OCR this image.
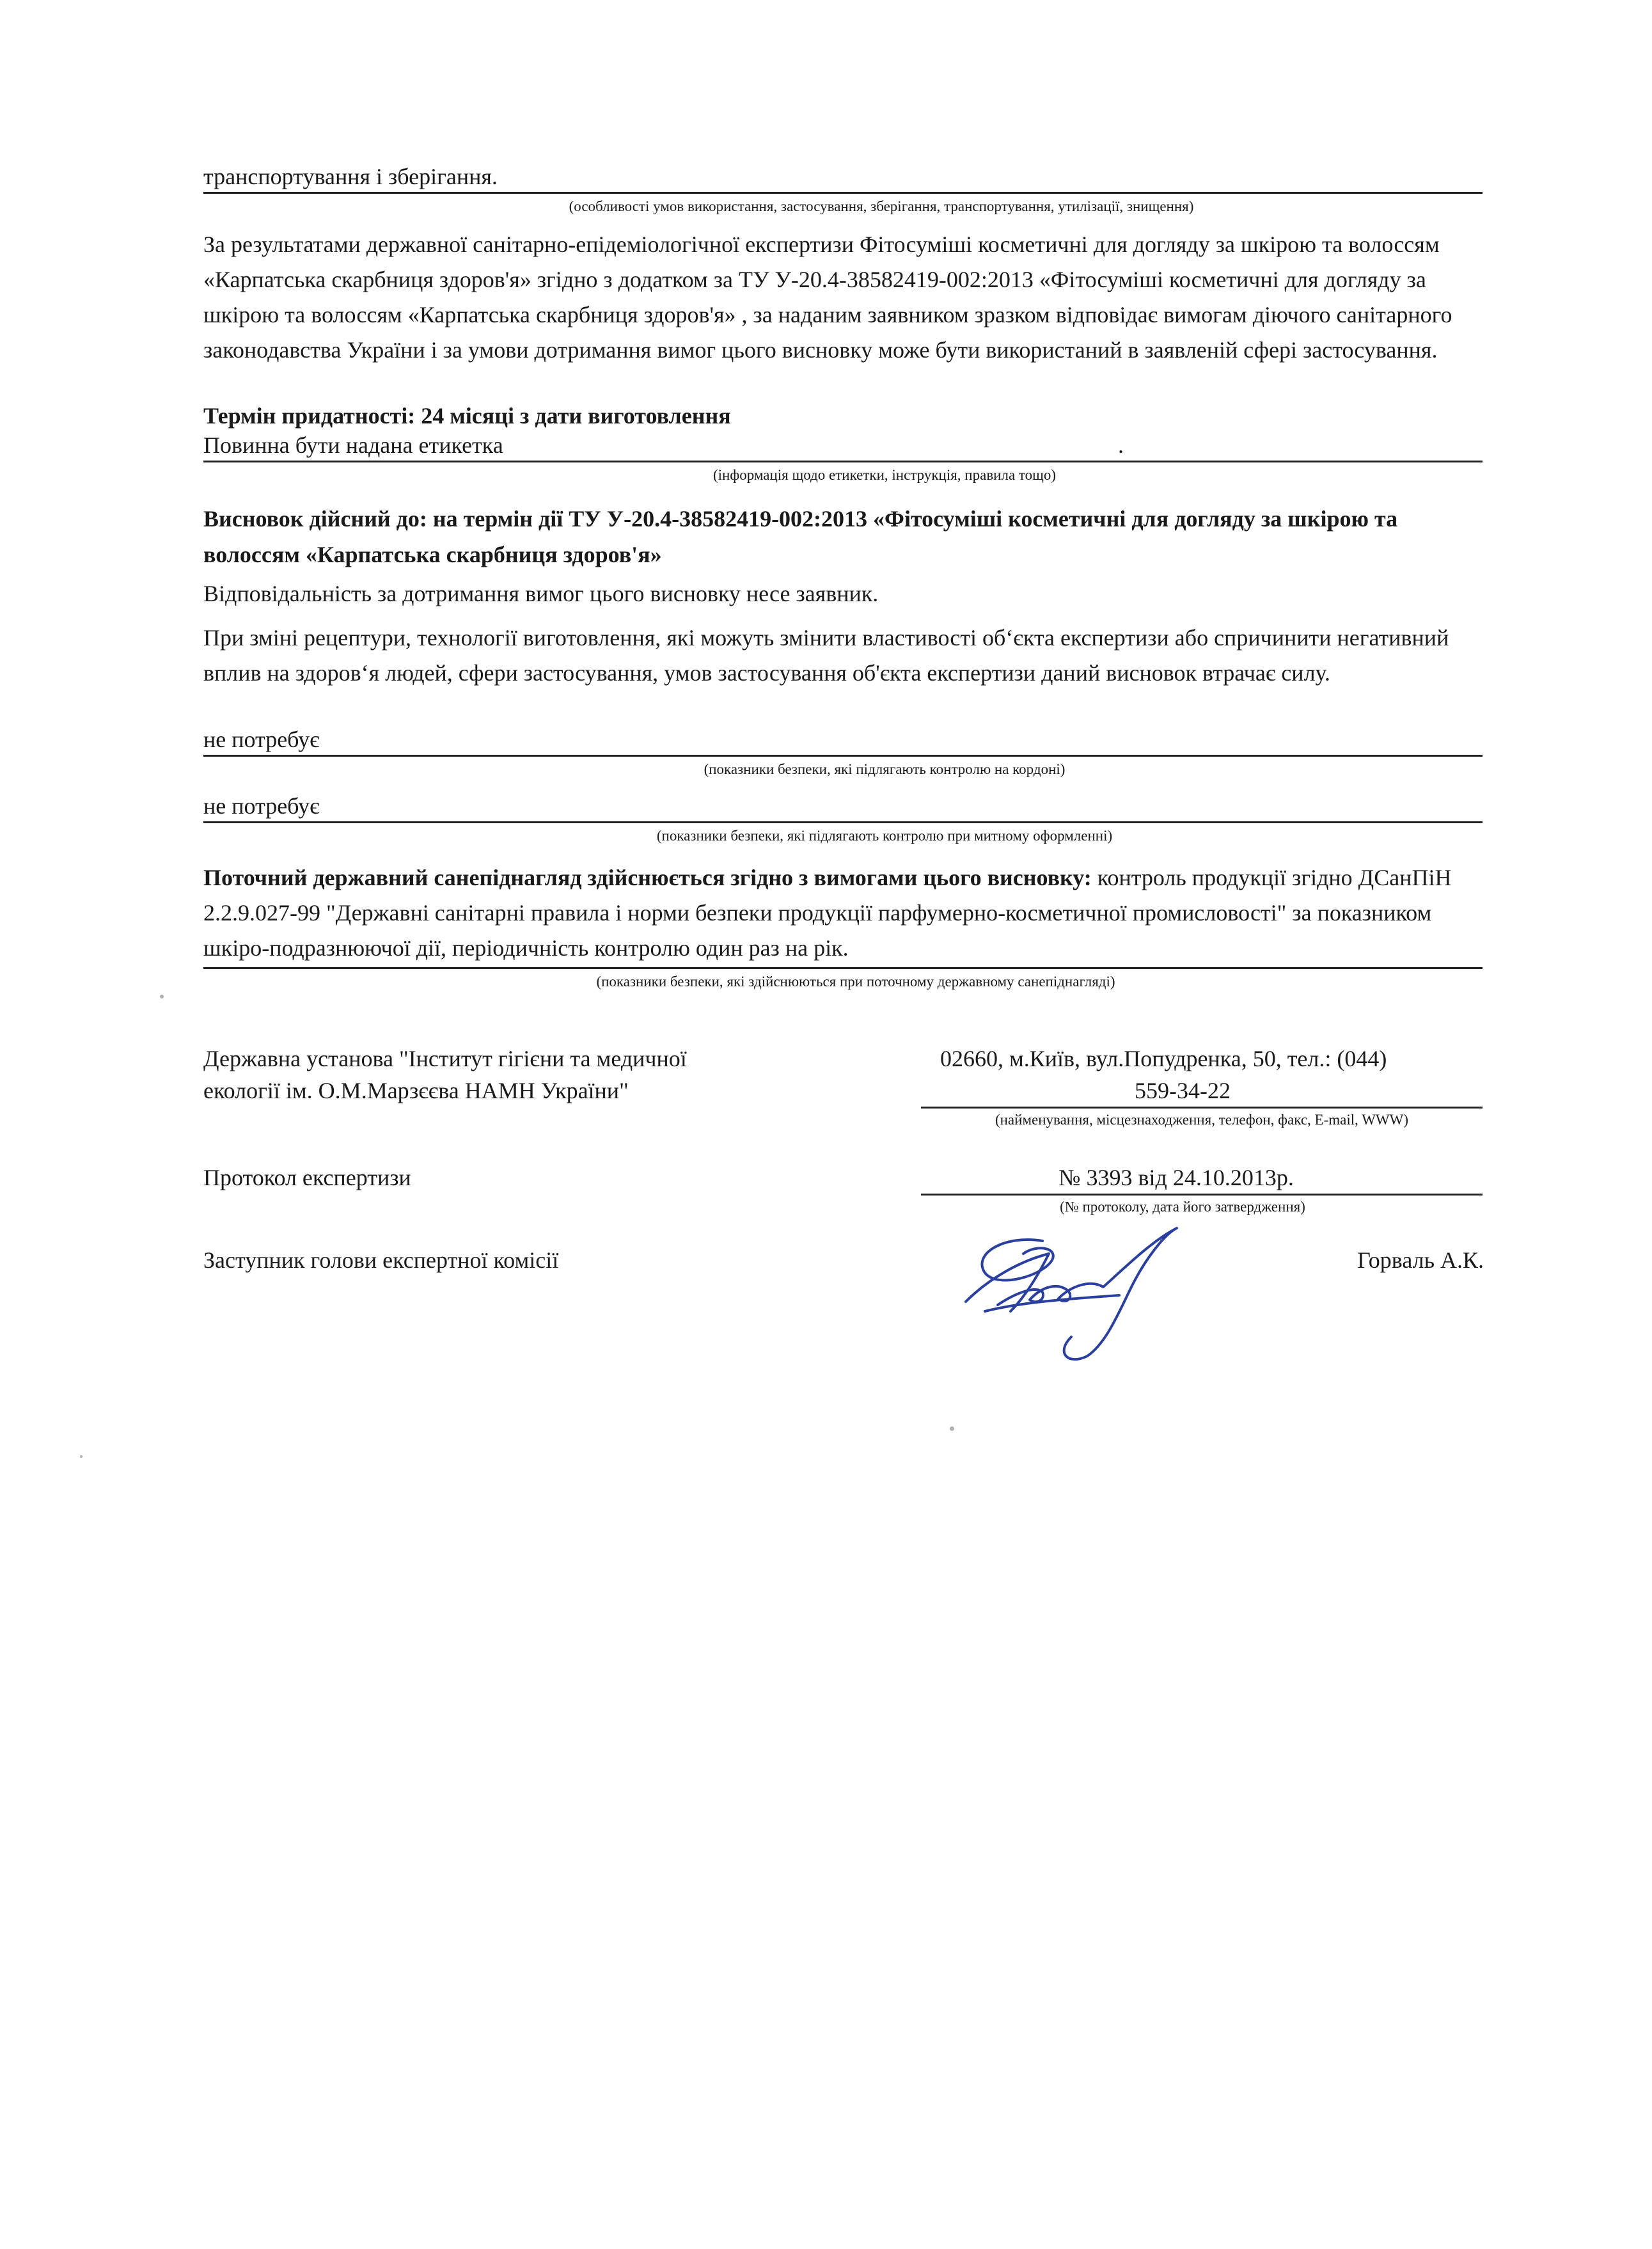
транспортування і зберігання.
(особливості умов використання, застосування, зберігання, транспортування, утилізації, знищення)

За результатами державної санітарно-епідеміологічної експертизи Фітосуміші косметичні для догляду за шкірою та волоссям «Карпатська скарбниця здоров'я» згідно з додатком за ТУ У-20.4-38582419-002:2013 «Фітосуміші косметичні для догляду за шкірою та волоссям «Карпатська скарбниця здоров'я» , за наданим заявником зразком відповідає вимогам діючого санітарного законодавства України і за умови дотримання вимог цього висновку може бути використаний в заявленій сфері застосування.

Термін придатності: 24 місяці з дати виготовлення

Повинна бути надана етикетка	.
(інформація щодо етикетки, інструкція, правила тощо)

Висновок дійсний до: на термін дії ТУ У-20.4-38582419-002:2013 «Фітосуміші косметичні для догляду за шкірою та волоссям «Карпатська скарбниця здоров'я»

Відповідальність за дотримання вимог цього висновку несе заявник.

При зміні рецептури, технології виготовлення, які можуть змінити властивості об‘єкта експертизи або спричинити негативний вплив на здоров‘я людей, сфери застосування, умов застосування об'єкта експертизи даний висновок втрачає силу.

не потребує
(показники безпеки, які підлягають контролю на кордоні)
не потребує
(показники безпеки, які підлягають контролю при митному оформленні)

Поточний державний санепіднагляд здійснюється згідно з вимогами цього висновку: контроль продукції згідно ДСанПіН 2.2.9.027-99 "Державні санітарні правила і норми безпеки продукції парфумерно-косметичної промисловості" за показником шкіро-подразнюючої дії, періодичність контролю один раз на рік.

(показники безпеки, які здійснюються при поточному державному санепіднагляді)
Державна установа "Інститут гігієни та медичної
екології ім. О.М.Марзєєва НАМН України"
02660, м.Київ, вул.Попудренка, 50, тел.: (044)
559-34-22
(найменування, місцезнаходження, телефон, факс, E-mail, WWW)
Протокол експертизи	№ 3393 від 24.10.2013р.
(№ протоколу, дата його затвердження)
Заступник голови експертної комісії	Горваль А.К.
